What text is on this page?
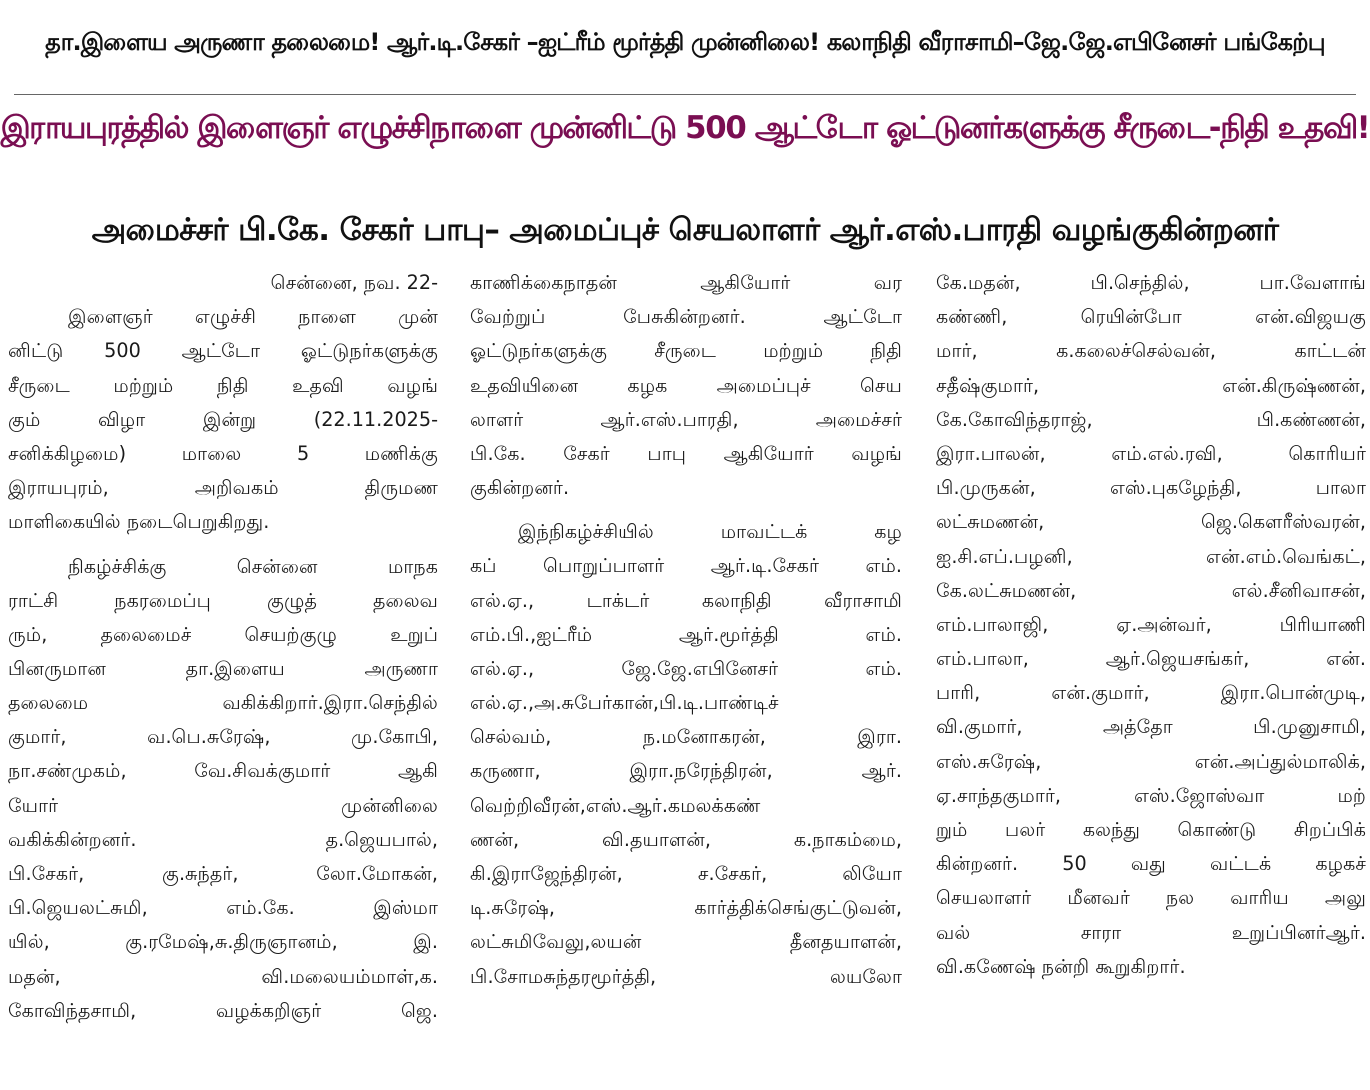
தா.இளைய அருணா தலைமை! ஆர்.டி.சேகர் –ஐட்ரீம் மூர்த்தி முன்னிலை! கலாநிதி வீராசாமி–ஜே.ஜே.எபினேசர் பங்கேற்பு
இராயபுரத்தில் இளைஞர் எழுச்சிநாளை முன்னிட்டு 500 ஆட்டோ ஓட்டுனர்களுக்கு சீருடை-நிதி உதவி!
அமைச்சர் பி.கே. சேகர் பாபு– அமைப்புச் செயலாளர் ஆர்.எஸ்.பாரதி வழங்குகின்றனர்
சென்னை, நவ. 22-
இளைஞர் எழுச்சி நாளை முன்
னிட்டு 500 ஆட்டோ ஓட்டுநர்களுக்கு
சீருடை மற்றும் நிதி உதவி வழங்
கும் விழா இன்று (22.11.2025-
சனிக்கிழமை) மாலை 5 மணிக்கு
இராயபுரம், அறிவகம் திருமண
மாளிகையில் நடைபெறுகிறது.
நிகழ்ச்சிக்கு சென்னை மாநக
ராட்சி நகரமைப்பு குழுத் தலைவ
ரும், தலைமைச் செயற்குழு உறுப்
பினருமான தா.இளைய அருணா
தலைமை வகிக்கிறார்.இரா.செந்தில்
குமார், வ.பெ.சுரேஷ், மு.கோபி,
நா.சண்முகம், வே.சிவக்குமார் ஆகி
யோர் முன்னிலை
வகிக்கின்றனர். த.ஜெயபால்,
பி.சேகர், கு.சுந்தர், லோ.மோகன்,
பி.ஜெயலட்சுமி, எம்.கே. இஸ்மா
யில், கு.ரமேஷ்,சு.திருஞானம், இ.
மதன், வி.மலையம்மாள்,க.
கோவிந்தசாமி, வழக்கறிஞர் ஜெ.
காணிக்கைநாதன் ஆகியோர் வர
வேற்றுப் பேசுகின்றனர். ஆட்டோ
ஓட்டுநர்களுக்கு சீருடை மற்றும் நிதி
உதவியினை கழக அமைப்புச் செய
லாளர் ஆர்.எஸ்.பாரதி, அமைச்சர்
பி.கே. சேகர் பாபு ஆகியோர் வழங்
குகின்றனர்.
இந்நிகழ்ச்சியில் மாவட்டக் கழ
கப் பொறுப்பாளர் ஆர்.டி.சேகர் எம்.
எல்.ஏ., டாக்டர் கலாநிதி வீராசாமி
எம்.பி.,ஐட்ரீம் ஆர்.மூர்த்தி எம்.
எல்.ஏ., ஜே.ஜே.எபினேசர் எம்.
எல்.ஏ.,அ.சுபேர்கான்,பி.டி.பாண்டிச்
செல்வம், ந.மனோகரன், இரா.
கருணா, இரா.நரேந்திரன், ஆர்.
வெற்றிவீரன்,எஸ்.ஆர்.கமலக்கண்
ணன், வி.தயாளன், க.நாகம்மை,
கி.இராஜேந்திரன், ச.சேகர், லியோ
டி.சுரேஷ், கார்த்திக்செங்குட்டுவன்,
லட்சுமிவேலு,லயன் தீனதயாளன்,
பி.சோமசுந்தரமூர்த்தி, லயலோ
கே.மதன், பி.செந்தில், பா.வேளாங்
கண்ணி, ரெயின்போ என்.விஜயகு
மார், க.கலைச்செல்வன், காட்டன்
சதீஷ்குமார், என்.கிருஷ்ணன்,
கே.கோவிந்தராஜ், பி.கண்ணன்,
இரா.பாலன், எம்.எல்.ரவி, கொரியர்
பி.முருகன், எஸ்.புகழேந்தி, பாலா
லட்சுமணன், ஜெ.கௌரீஸ்வரன்,
ஐ.சி.எப்.பழனி, என்.எம்.வெங்கட்,
கே.லட்சுமணன், எல்.சீனிவாசன்,
எம்.பாலாஜி, ஏ.அன்வர், பிரியாணி
எம்.பாலா, ஆர்.ஜெயசங்கர், என்.
பாரி, என்.குமார், இரா.பொன்முடி,
வி.குமார், அத்தோ பி.முனுசாமி,
எஸ்.சுரேஷ், என்.அப்துல்மாலிக்,
ஏ.சாந்தகுமார், எஸ்.ஜோஸ்வா மற்
றும் பலர் கலந்து கொண்டு சிறப்பிக்
கின்றனர். 50 வது வட்டக் கழகச்
செயலாளர் மீனவர் நல வாரிய அலு
வல் சாரா உறுப்பினர்ஆர்.
வி.கணேஷ் நன்றி கூறுகிறார்.
